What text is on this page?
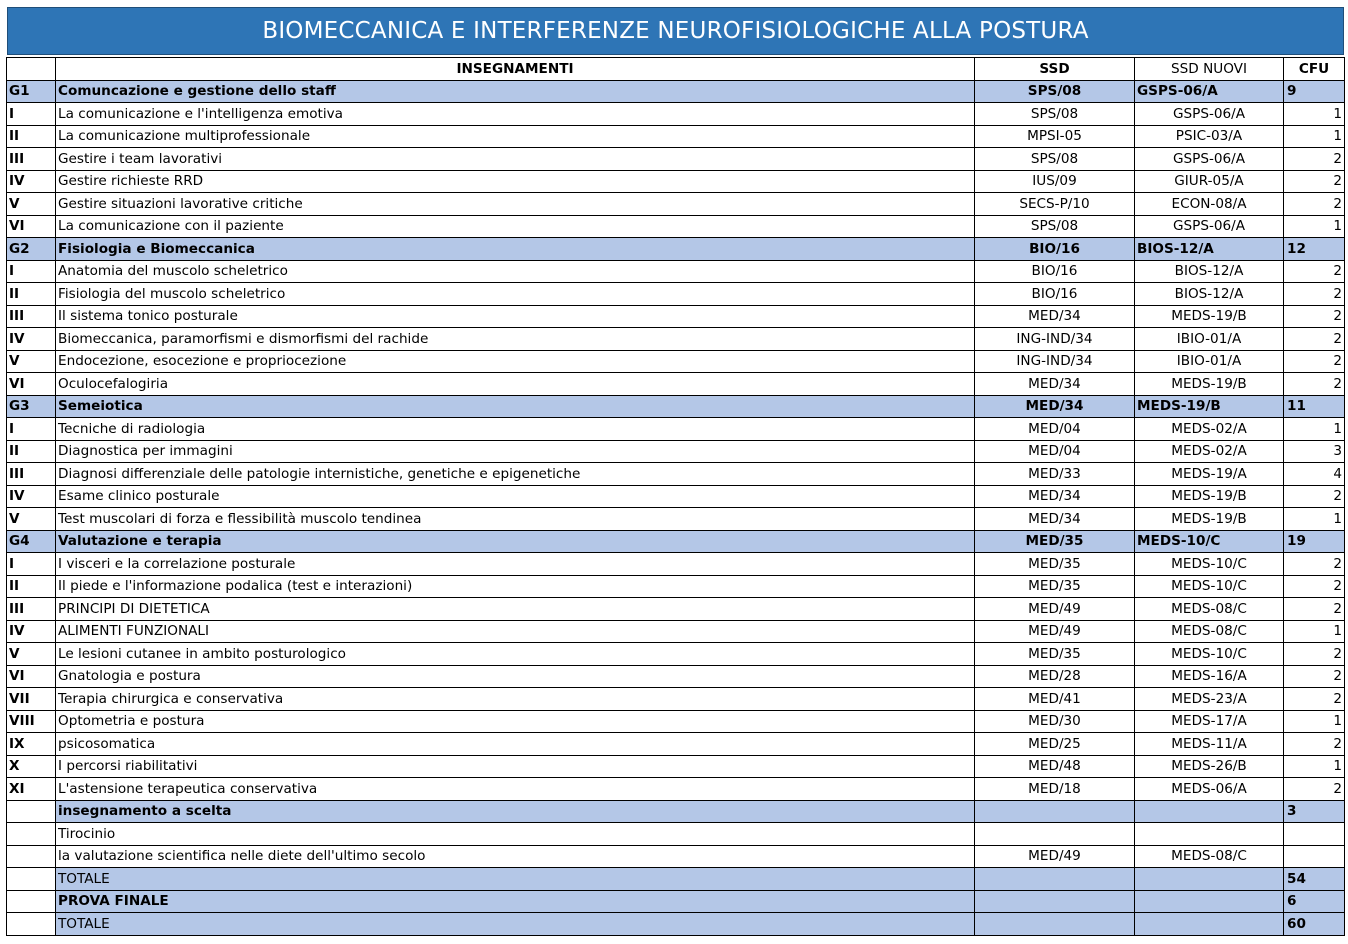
BIOMECCANICA E INTERFERENZE NEUROFISIOLOGICHE ALLA POSTURA
	INSEGNAMENTI	SSD	SSD NUOVI	CFU
G1	Comuncazione e gestione dello staff	SPS/08	GSPS-06/A	9
I	La comunicazione e l'intelligenza emotiva	SPS/08	GSPS-06/A	1
II	La comunicazione multiprofessionale	MPSI-05	PSIC-03/A	1
III	Gestire i team lavorativi	SPS/08	GSPS-06/A	2
IV	Gestire richieste RRD	IUS/09	GIUR-05/A	2
V	Gestire situazioni lavorative critiche	SECS-P/10	ECON-08/A	2
VI	La comunicazione con il paziente	SPS/08	GSPS-06/A	1
G2	Fisiologia e Biomeccanica	BIO/16	BIOS-12/A	12
I	Anatomia del muscolo scheletrico	BIO/16	BIOS-12/A	2
II	Fisiologia del muscolo scheletrico	BIO/16	BIOS-12/A	2
III	Il sistema tonico posturale	MED/34	MEDS-19/B	2
IV	Biomeccanica, paramorfismi e dismorfismi del rachide	ING-IND/34	IBIO-01/A	2
V	Endocezione, esocezione e propriocezione	ING-IND/34	IBIO-01/A	2
VI	Oculocefalogiria	MED/34	MEDS-19/B	2
G3	Semeiotica	MED/34	MEDS-19/B	11
I	Tecniche di radiologia	MED/04	MEDS-02/A	1
II	Diagnostica per immagini	MED/04	MEDS-02/A	3
III	Diagnosi differenziale delle patologie internistiche, genetiche e epigenetiche	MED/33	MEDS-19/A	4
IV	Esame clinico posturale	MED/34	MEDS-19/B	2
V	Test muscolari di forza e flessibilità muscolo tendinea	MED/34	MEDS-19/B	1
G4	Valutazione e terapia	MED/35	MEDS-10/C	19
I	I visceri e la correlazione posturale	MED/35	MEDS-10/C	2
II	Il piede e l'informazione podalica (test e interazioni)	MED/35	MEDS-10/C	2
III	PRINCIPI DI DIETETICA	MED/49	MEDS-08/C	2
IV	ALIMENTI FUNZIONALI	MED/49	MEDS-08/C	1
V	Le lesioni cutanee in ambito posturologico	MED/35	MEDS-10/C	2
VI	Gnatologia e postura	MED/28	MEDS-16/A	2
VII	Terapia chirurgica e conservativa	MED/41	MEDS-23/A	2
VIII	Optometria e postura	MED/30	MEDS-17/A	1
IX	psicosomatica	MED/25	MEDS-11/A	2
X	I percorsi riabilitativi	MED/48	MEDS-26/B	1
XI	L'astensione terapeutica conservativa	MED/18	MEDS-06/A	2
	insegnamento a scelta			3
	Tirocinio			
	la valutazione scientifica nelle diete dell'ultimo secolo	MED/49	MEDS-08/C	
	TOTALE			54
	PROVA FINALE			6
	TOTALE			60
